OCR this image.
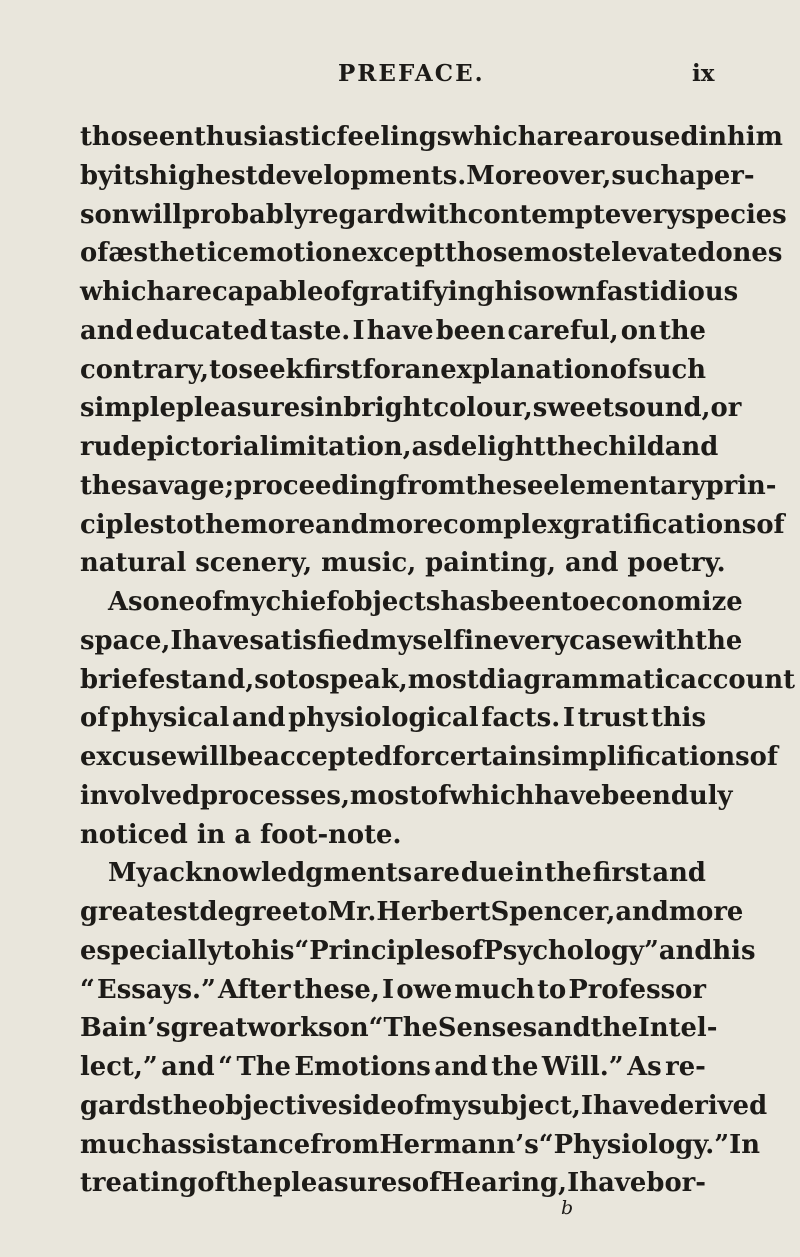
PREFACE.	ix
those enthusiastic feelings which are aroused in him
by its highest developments. Moreover, such a per-
son will probably regard with contempt every species
of æsthetic emotion except those most elevated ones
which are capable of gratifying his own fastidious
and educated taste. I have been careful, on the
contrary, to seek first for an explanation of such
simple pleasures in bright colour, sweet sound, or
rude pictorial imitation, as delight the child and
the savage ; proceeding from these elementary prin-
ciples to the more and more complex gratifications of
natural scenery, music, painting, and poetry.
As one of my chief objects has been to economize
space, I have satisfied myself in every case with the
briefest and, so to speak, most diagrammatic account
of physical and physiological facts. I trust this
excuse will be accepted for certain simplifications of
involved processes, most of which have been duly
noticed in a foot-note.
My acknowledgments are due in the first and
greatest degree to Mr. Herbert Spencer, and more
especially to his “ Principles of Psychology ” and his
“ Essays.” After these, I owe much to Professor
Bain’s great works on “ The Senses and the Intel-
lect,” and “ The Emotions and the Will.” As re-
gards the objective side of my subject, I have derived
much assistance from Hermann’s “ Physiology.” In
treating of the pleasures of Hearing, I have bor-
b
